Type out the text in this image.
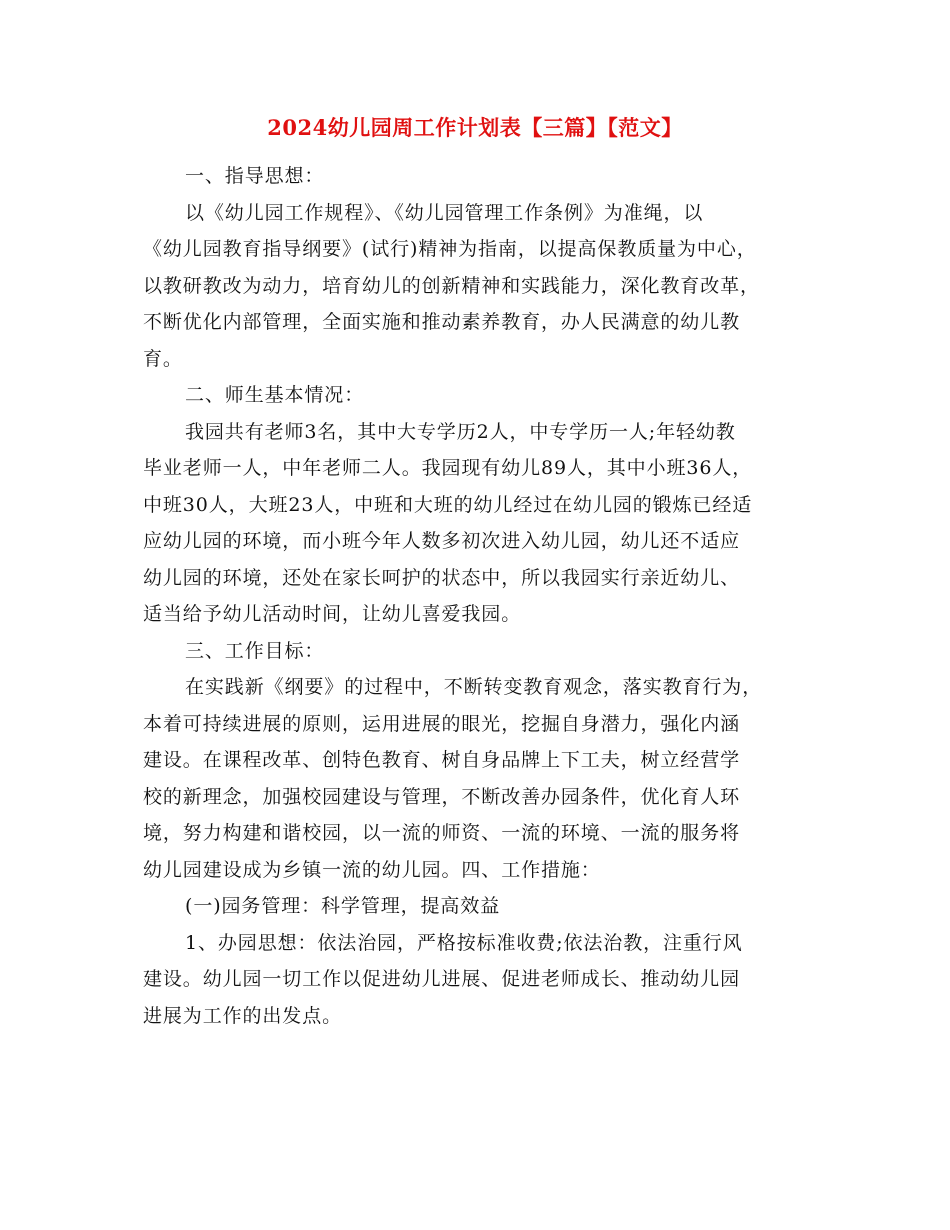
2024幼儿园周工作计划表【三篇】【范文】
一、指导思想：
以《幼儿园工作规程》、《幼儿园管理工作条例》为准绳，以
《幼儿园教育指导纲要》(试行)精神为指南，以提高保教质量为中心，
以教研教改为动力，培育幼儿的创新精神和实践能力，深化教育改革，
不断优化内部管理，全面实施和推动素养教育，办人民满意的幼儿教
育。
二、师生基本情况：
我园共有老师3名，其中大专学历2人，中专学历一人;年轻幼教
毕业老师一人，中年老师二人。我园现有幼儿89人，其中小班36人，
中班30人，大班23人，中班和大班的幼儿经过在幼儿园的锻炼已经适
应幼儿园的环境，而小班今年人数多初次进入幼儿园，幼儿还不适应
幼儿园的环境，还处在家长呵护的状态中，所以我园实行亲近幼儿、
适当给予幼儿活动时间，让幼儿喜爱我园。
三、工作目标：
在实践新《纲要》的过程中，不断转变教育观念，落实教育行为，
本着可持续进展的原则，运用进展的眼光，挖掘自身潜力，强化内涵
建设。在课程改革、创特色教育、树自身品牌上下工夫，树立经营学
校的新理念，加强校园建设与管理，不断改善办园条件，优化育人环
境，努力构建和谐校园，以一流的师资、一流的环境、一流的服务将
幼儿园建设成为乡镇一流的幼儿园。四、工作措施：
(一)园务管理：科学管理，提高效益
1、办园思想：依法治园，严格按标准收费;依法治教，注重行风
建设。幼儿园一切工作以促进幼儿进展、促进老师成长、推动幼儿园
进展为工作的出发点。
